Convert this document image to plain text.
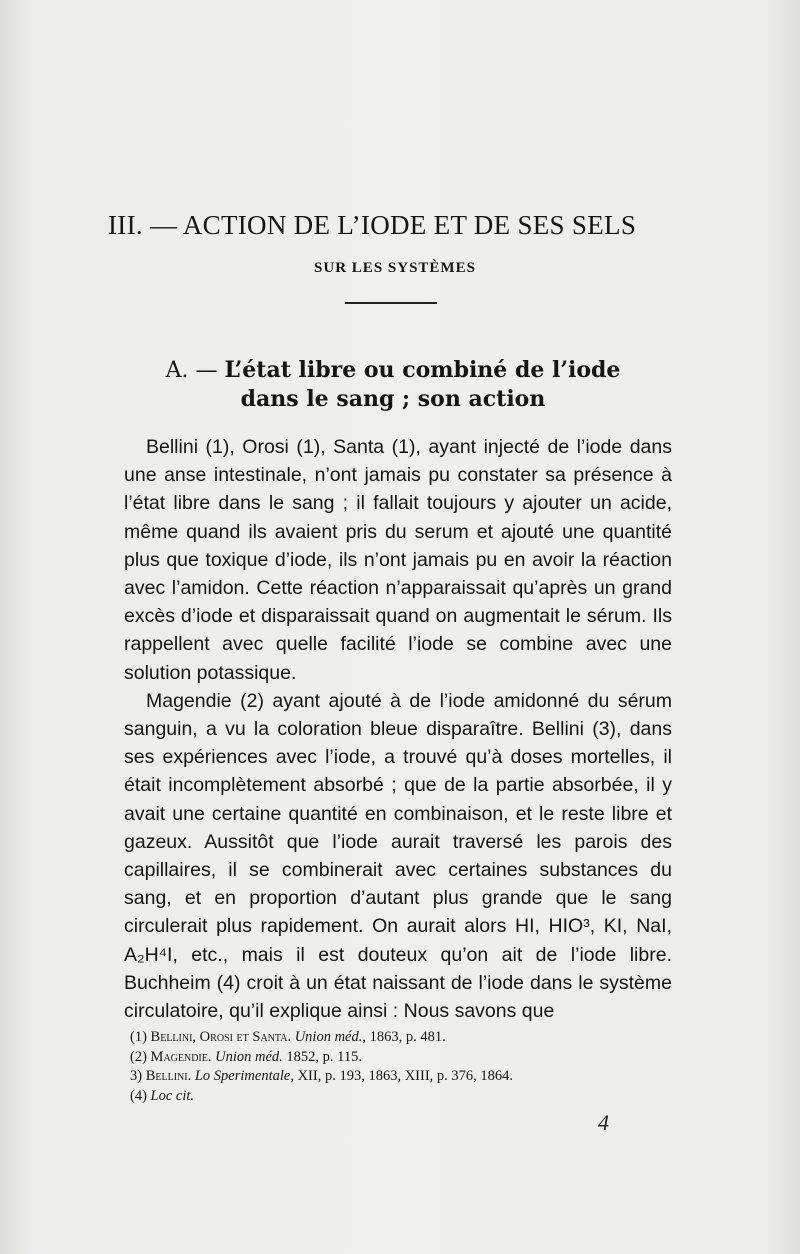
III. — ACTION DE L’IODE ET DE SES SELS
SUR LES SYSTÈMES
A. — L’état libre ou combiné de l’iode
dans le sang ; son action

Bellini (1), Orosi (1), Santa (1), ayant injecté de l’iode dans une anse intestinale, n’ont jamais pu constater sa présence à l’état libre dans le sang ; il fallait toujours y ajouter un acide, même quand ils avaient pris du serum et ajouté une quantité plus que toxique d’iode, ils n’ont jamais pu en avoir la réaction avec l’amidon. Cette réaction n’apparaissait qu’après un grand excès d’iode et disparaissait quand on augmentait le sérum. Ils rappellent avec quelle facilité l’iode se combine avec une solution potassique.

Magendie (2) ayant ajouté à de l’iode amidonné du sérum sanguin, a vu la coloration bleue disparaître. Bellini (3), dans ses expériences avec l’iode, a trouvé qu’à doses mortelles, il était incomplètement absorbé ; que de la partie absorbée, il y avait une certaine quantité en combinaison, et le reste libre et gazeux. Aussitôt que l’iode aurait traversé les parois des capillaires, il se combinerait avec certaines substances du sang, et en proportion d’autant plus grande que le sang circulerait plus rapidement. On aurait alors HI, HIO³, KI, NaI, A₂H⁴I, etc., mais il est douteux qu’on ait de l’iode libre. Buchheim (4) croit à un état naissant de l’iode dans le système circulatoire, qu’il explique ainsi : Nous savons que

(1) Bellini, Orosi et Santa. Union méd., 1863, p. 481.
(2) Magendie. Union méd. 1852, p. 115.
3) Bellini. Lo Sperimentale, XII, p. 193, 1863, XIII, p. 376, 1864.
(4) Loc cit.
4
